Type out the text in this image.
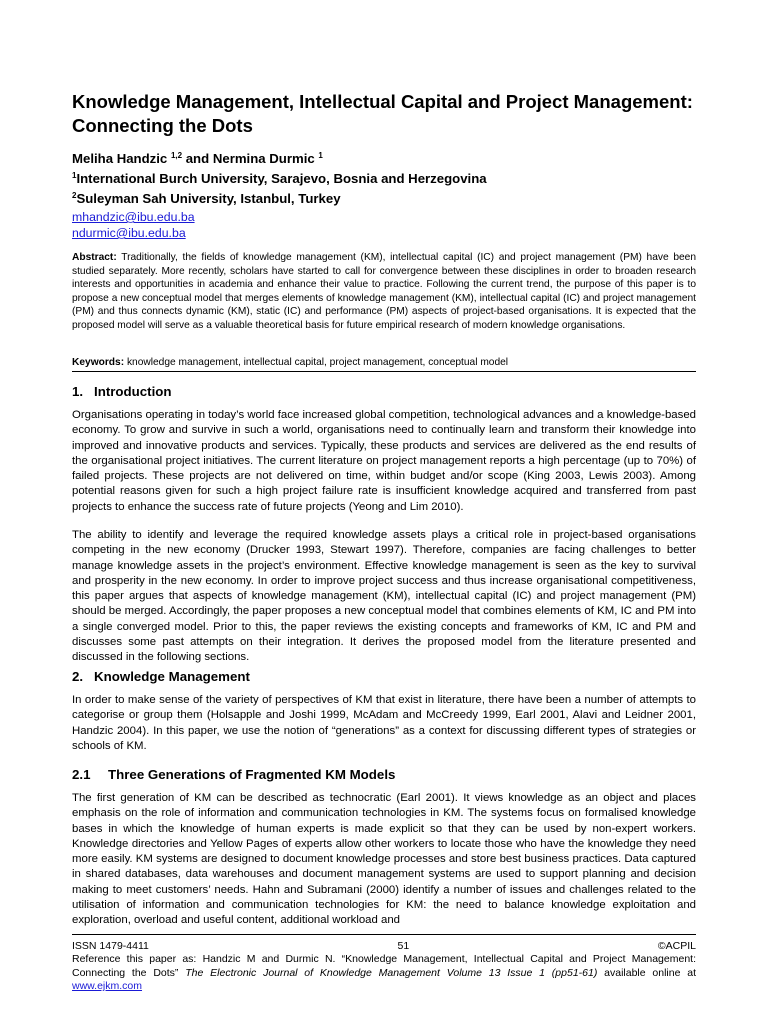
Knowledge Management, Intellectual Capital and Project Management: Connecting the Dots
Meliha Handzic $^{1,2}$ and Nermina Durmic $^1$
$^1$International Burch University, Sarajevo, Bosnia and Herzegovina
$^2$Suleyman Sah University, Istanbul, Turkey
mhandzic@ibu.edu.ba
ndurmic@ibu.edu.ba

Abstract: Traditionally, the fields of knowledge management (KM), intellectual capital (IC) and project management (PM) have been studied separately. More recently, scholars have started to call for convergence between these disciplines in order to broaden research interests and opportunities in academia and enhance their value to practice. Following the current trend, the purpose of this paper is to propose a new conceptual model that merges elements of knowledge management (KM), intellectual capital (IC) and project management (PM) and thus connects dynamic (KM), static (IC) and performance (PM) aspects of project-based organisations. It is expected that the proposed model will serve as a valuable theoretical basis for future empirical research of modern knowledge organisations.

Keywords: knowledge management, intellectual capital, project management, conceptual model

1. Introduction

Organisations operating in today’s world face increased global competition, technological advances and a knowledge-based economy. To grow and survive in such a world, organisations need to continually learn and transform their knowledge into improved and innovative products and services. Typically, these products and services are delivered as the end results of the organisational project initiatives. The current literature on project management reports a high percentage (up to 70%) of failed projects. These projects are not delivered on time, within budget and/or scope (King 2003, Lewis 2003). Among potential reasons given for such a high project failure rate is insufficient knowledge acquired and transferred from past projects to enhance the success rate of future projects (Yeong and Lim 2010).

The ability to identify and leverage the required knowledge assets plays a critical role in project-based organisations competing in the new economy (Drucker 1993, Stewart 1997). Therefore, companies are facing challenges to better manage knowledge assets in the project’s environment. Effective knowledge management is seen as the key to survival and prosperity in the new economy. In order to improve project success and thus increase organisational competitiveness, this paper argues that aspects of knowledge management (KM), intellectual capital (IC) and project management (PM) should be merged. Accordingly, the paper proposes a new conceptual model that combines elements of KM, IC and PM into a single converged model. Prior to this, the paper reviews the existing concepts and frameworks of KM, IC and PM and discusses some past attempts on their integration. It derives the proposed model from the literature presented and discussed in the following sections.

2. Knowledge Management

In order to make sense of the variety of perspectives of KM that exist in literature, there have been a number of attempts to categorise or group them (Holsapple and Joshi 1999, McAdam and McCreedy 1999, Earl 2001, Alavi and Leidner 2001, Handzic 2004). In this paper, we use the notion of “generations” as a context for discussing different types of strategies or schools of KM.

2.1 Three Generations of Fragmented KM Models

The first generation of KM can be described as technocratic (Earl 2001). It views knowledge as an object and places emphasis on the role of information and communication technologies in KM. The systems focus on formalised knowledge bases in which the knowledge of human experts is made explicit so that they can be used by non-expert workers. Knowledge directories and Yellow Pages of experts allow other workers to locate those who have the knowledge they need more easily. KM systems are designed to document knowledge processes and store best business practices. Data captured in shared databases, data warehouses and document management systems are used to support planning and decision making to meet customers’ needs. Hahn and Subramani (2000) identify a number of issues and challenges related to the utilisation of information and communication technologies for KM: the need to balance knowledge exploitation and exploration, overload and useful content, additional workload and

ISSN 1479-4411	51	©ACPIL

Reference this paper as: Handzic M and Durmic N. “Knowledge Management, Intellectual Capital and Project Management: Connecting the Dots” The Electronic Journal of Knowledge Management Volume 13 Issue 1 (pp51-61) available online at www.ejkm.com
